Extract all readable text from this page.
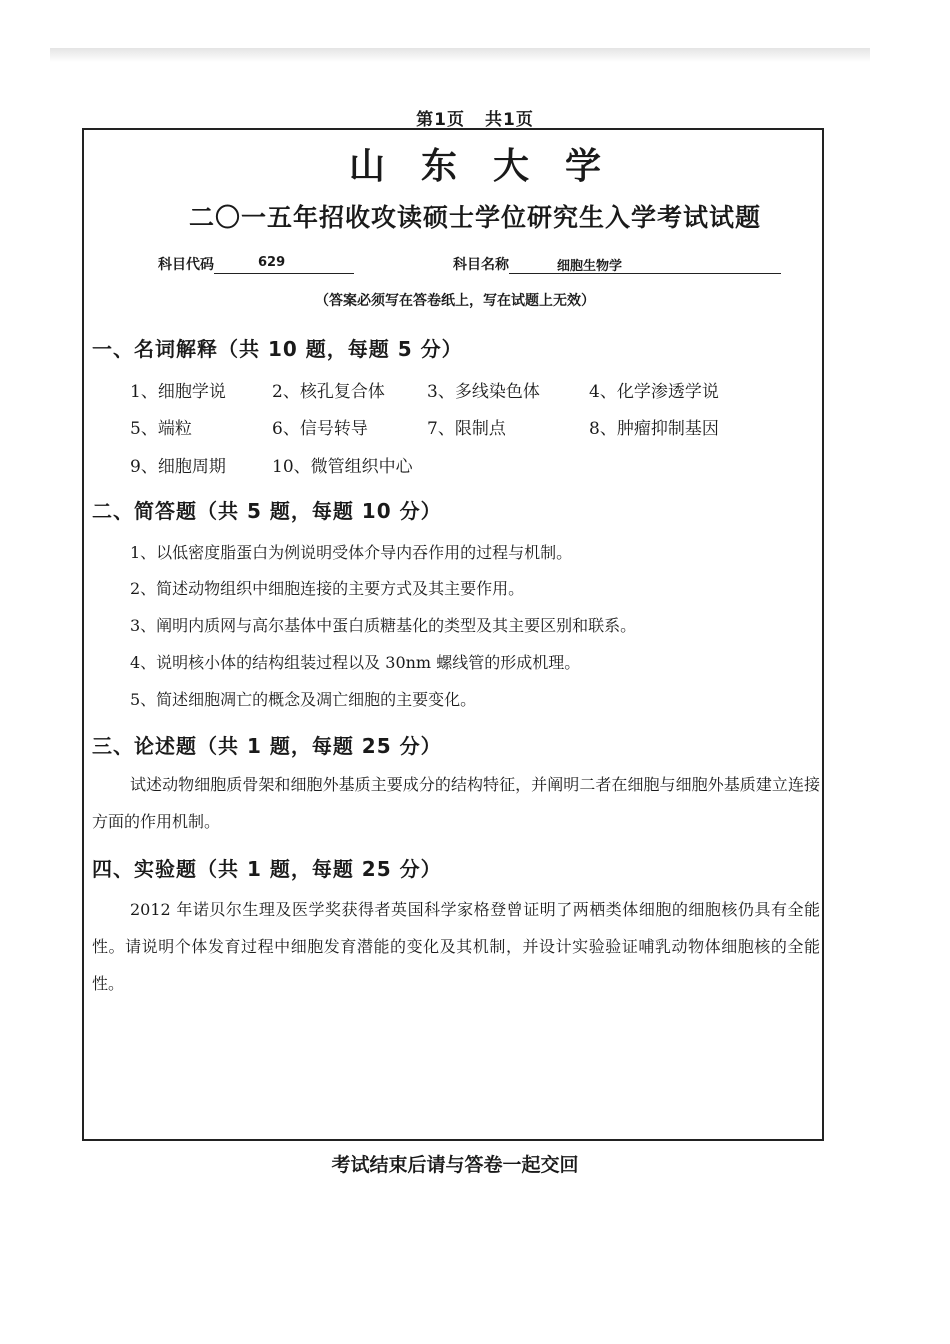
第1页 共1页
山东大学
二〇一五年招收攻读硕士学位研究生入学考试试题
科目代码	629	科目名称	细胞生物学
（答案必须写在答卷纸上，写在试题上无效）
一、名词解释（共 10 题，每题 5 分）
1、细胞学说	2、核孔复合体 3、多线染色体	4、化学渗透学说
5、端粒	6、信号转导	7、限制点	8、肿瘤抑制基因
9、细胞周期	10、微管组织中心
二、简答题（共 5 题，每题 10 分）
1、以低密度脂蛋白为例说明受体介导内吞作用的过程与机制。
2、简述动物组织中细胞连接的主要方式及其主要作用。
3、阐明内质网与高尔基体中蛋白质糖基化的类型及其主要区别和联系。
4、说明核小体的结构组装过程以及 30nm 螺线管的形成机理。
5、简述细胞凋亡的概念及凋亡细胞的主要变化。
三、论述题（共 1 题，每题 25 分）
试述动物细胞质骨架和细胞外基质主要成分的结构特征，并阐明二者在细胞与细胞外基质建立连接方面的作用机制。
四、实验题（共 1 题，每题 25 分）
2012 年诺贝尔生理及医学奖获得者英国科学家格登曾证明了两栖类体细胞的细胞核仍具有全能性。请说明个体发育过程中细胞发育潜能的变化及其机制，并设计实验验证哺乳动物体细胞核的全能性。
考试结束后请与答卷一起交回
